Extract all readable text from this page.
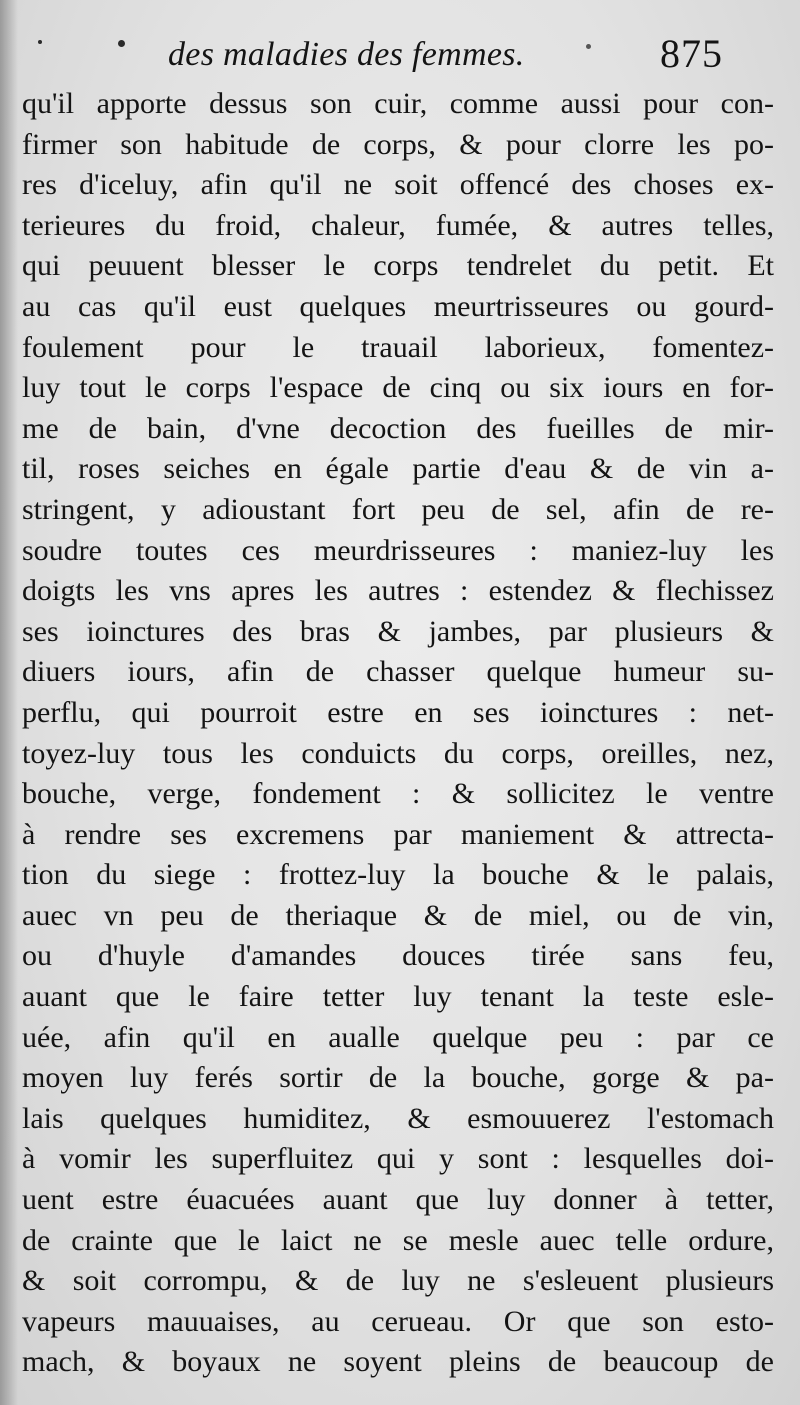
des maladies des femmes.	875
qu'il apporte dessus son cuir, comme aussi pour con-
firmer son habitude de corps, & pour clorre les po-
res d'iceluy, afin qu'il ne soit offencé des choses ex-
terieures du froid, chaleur, fumée, & autres telles,
qui peuuent blesser le corps tendrelet du petit. Et
au cas qu'il eust quelques meurtrisseures ou gourd-
foulement pour le trauail laborieux, fomentez-
luy tout le corps l'espace de cinq ou six iours en for-
me de bain, d'vne decoction des fueilles de mir-
til, roses seiches en égale partie d'eau & de vin a-
stringent, y adioustant fort peu de sel, afin de re-
soudre toutes ces meurdrisseures : maniez-luy les
doigts les vns apres les autres : estendez & flechissez
ses ioinctures des bras & jambes, par plusieurs &
diuers iours, afin de chasser quelque humeur su-
perflu, qui pourroit estre en ses ioinctures : net-
toyez-luy tous les conduicts du corps, oreilles, nez,
bouche, verge, fondement : & sollicitez le ventre
à rendre ses excremens par maniement & attrecta-
tion du siege : frottez-luy la bouche & le palais,
auec vn peu de theriaque & de miel, ou de vin,
ou d'huyle d'amandes douces tirée sans feu,
auant que le faire tetter luy tenant la teste esle-
uée, afin qu'il en aualle quelque peu : par ce
moyen luy ferés sortir de la bouche, gorge & pa-
lais quelques humiditez, & esmouuerez l'estomach
à vomir les superfluitez qui y sont : lesquelles doi-
uent estre éuacuées auant que luy donner à tetter,
de crainte que le laict ne se mesle auec telle ordure,
& soit corrompu, & de luy ne s'esleuent plusieurs
vapeurs mauuaises, au cerueau. Or que son esto-
mach, & boyaux ne soyent pleins de beaucoup de
